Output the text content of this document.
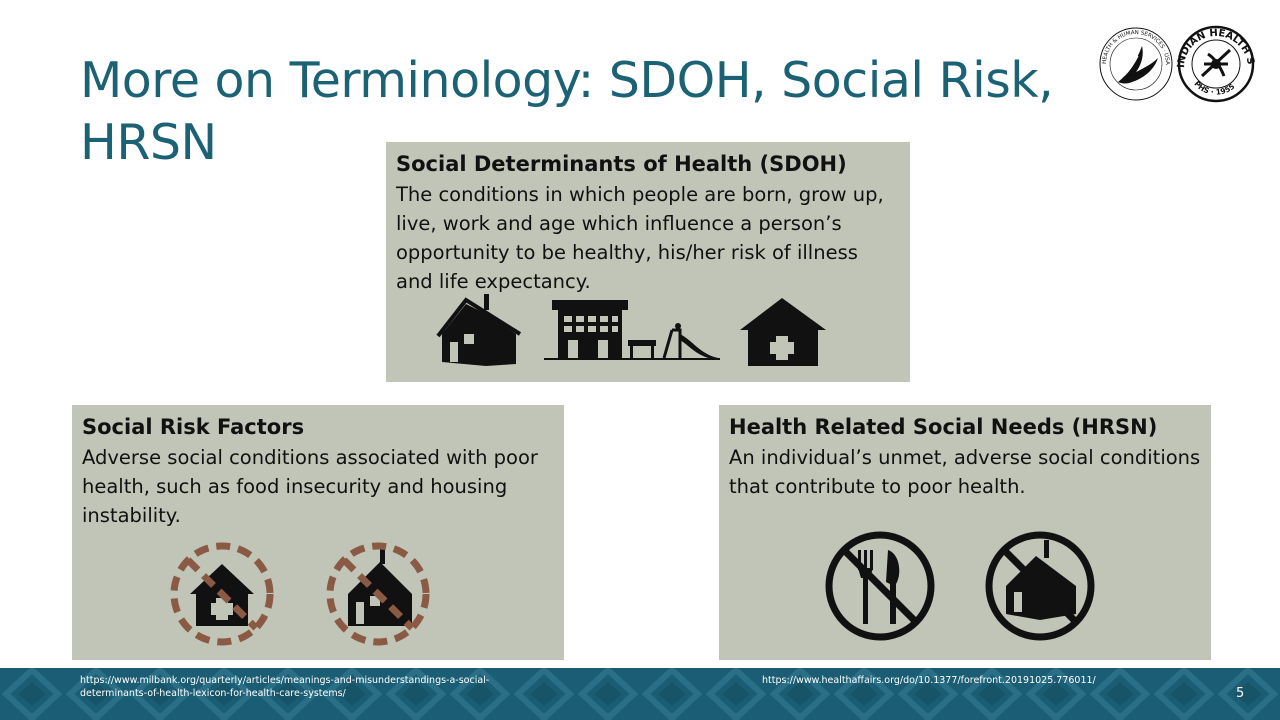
More on Terminology: SDOH, Social Risk, HRSN
HEALTH & HUMAN SERVICES · USA
INDIAN HEALTH S
PHS · 1955
Social Determinants of Health (SDOH)
The conditions in which people are born, grow up, live, work and age which influence a person’s opportunity to be healthy, his/her risk of illness and life expectancy.
Social Risk Factors
Adverse social conditions associated with poor health, such as food insecurity and housing instability.
Health Related Social Needs (HRSN)
An individual’s unmet, adverse social conditions that contribute to poor health.
https://www.milbank.org/quarterly/articles/meanings-and-misunderstandings-a-social-determinants-of-health-lexicon-for-health-care-systems/
https://www.healthaffairs.org/do/10.1377/forefront.20191025.776011/
5
